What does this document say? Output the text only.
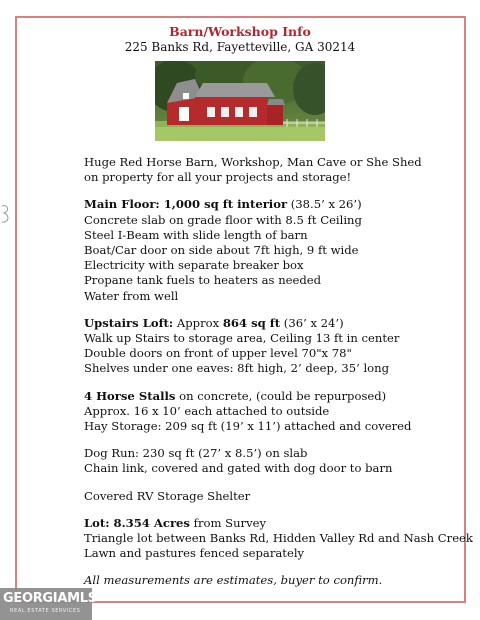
Barn/Workshop Info
225 Banks Rd, Fayetteville, GA 30214
Huge Red Horse Barn, Workshop, Man Cave or She Shed
on property for all your projects and storage!
Main Floor: 1,000 sq ft interior (38.5’ x 26’)
Concrete slab on grade floor with 8.5 ft Ceiling
Steel I-Beam with slide length of barn
Boat/Car door on side about 7ft high, 9 ft wide
Electricity with separate breaker box
Propane tank fuels to heaters as needed
Water from well
Upstairs Loft: Approx 864 sq ft (36’ x 24’)
Walk up Stairs to storage area, Ceiling 13 ft in center
Double doors on front of upper level 70"x 78"
Shelves under one eaves: 8ft high, 2’ deep, 35’ long
4 Horse Stalls on concrete, (could be repurposed)
Approx. 16 x 10’ each attached to outside
Hay Storage: 209 sq ft (19’ x 11’) attached and covered
Dog Run: 230 sq ft (27’ x 8.5’) on slab
Chain link, covered and gated with dog door to barn
Covered RV Storage Shelter
Lot: 8.354 Acres from Survey
Triangle lot between Banks Rd, Hidden Valley Rd and Nash Creek
Lawn and pastures fenced separately
All measurements are estimates, buyer to confirm.
GEORGIAMLS
REAL ESTATE SERVICES
